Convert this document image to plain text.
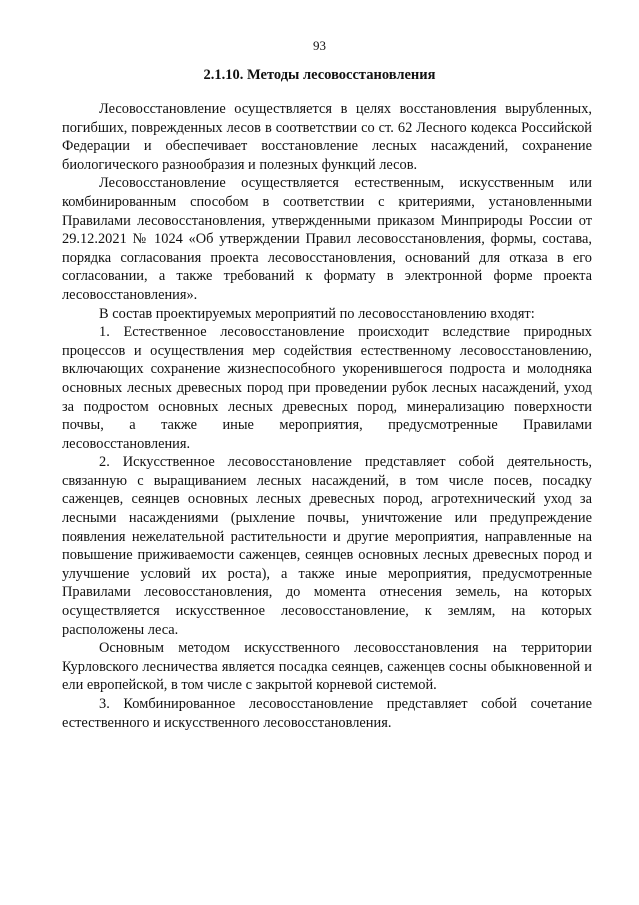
93
2.1.10. Методы лесовосстановления

Лесовосстановление осуществляется в целях восстановления вырубленных, погибших, поврежденных лесов в соответствии со ст. 62 Лесного кодекса Российской Федерации и обеспечивает восстановление лесных насаждений, сохранение биологического разнообразия и полезных функций лесов.

Лесовосстановление осуществляется естественным, искусственным или комбинированным способом в соответствии с критериями, установленными Правилами лесовосстановления, утвержденными приказом Минприроды России от 29.12.2021 № 1024 «Об утверждении Правил лесовосстановления, формы, состава, порядка согласования проекта лесовосстановления, оснований для отказа в его согласовании, а также требований к формату в электронной форме проекта лесовосстановления».

В состав проектируемых мероприятий по лесовосстановлению входят:

1. Естественное лесовосстановление происходит вследствие природных процессов и осуществления мер содействия естественному лесовосстановлению, включающих сохранение жизнеспособного укоренившегося подроста и молодняка основных лесных древесных пород при проведении рубок лесных насаждений, уход за подростом основных лесных древесных пород, минерализацию поверхности почвы, а также иные мероприятия, предусмотренные Правилами лесовосстановления.

2. Искусственное лесовосстановление представляет собой деятельность, связанную с выращиванием лесных насаждений, в том числе посев, посадку саженцев, сеянцев основных лесных древесных пород, агротехнический уход за лесными насаждениями (рыхление почвы, уничтожение или предупреждение появления нежелательной растительности и другие мероприятия, направленные на повышение приживаемости саженцев, сеянцев основных лесных древесных пород и улучшение условий их роста), а также иные мероприятия, предусмотренные Правилами лесовосстановления, до момента отнесения земель, на которых осуществляется искусственное лесовосстановление, к землям, на которых расположены леса.

Основным методом искусственного лесовосстановления на территории Курловского лесничества является посадка сеянцев, саженцев сосны обыкновенной и ели европейской, в том числе с закрытой корневой системой.

3. Комбинированное лесовосстановление представляет собой сочетание естественного и искусственного лесовосстановления.
